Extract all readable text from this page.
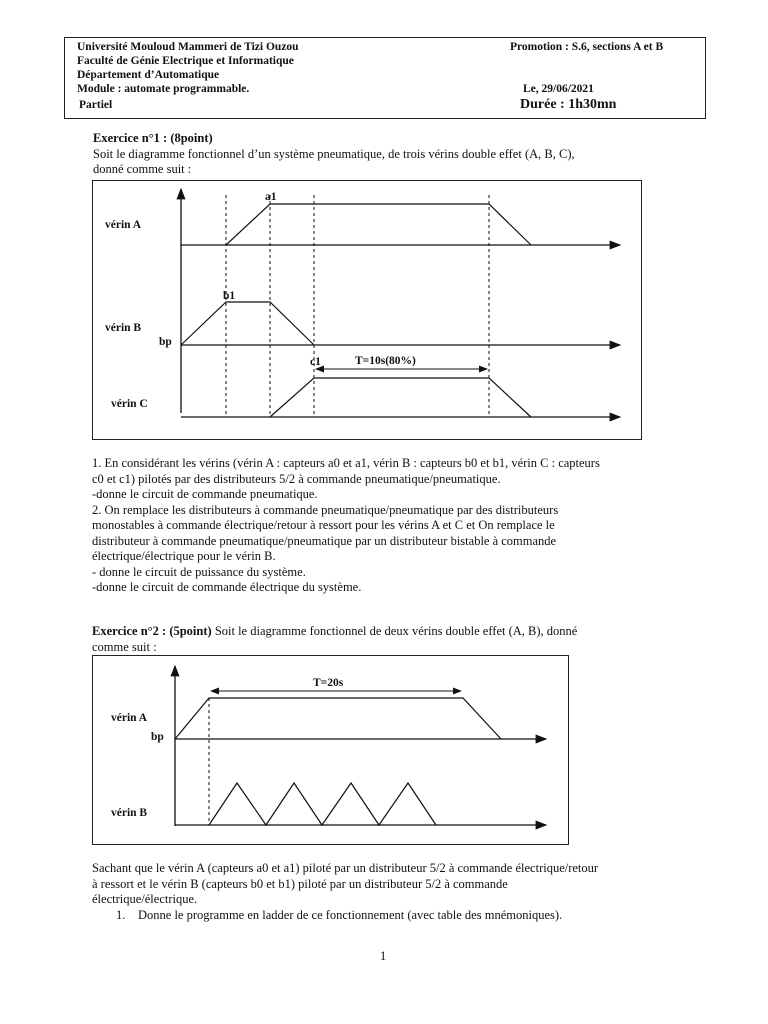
Université Mouloud Mammeri de Tizi Ouzou
Faculté de Génie Electrique et Informatique
Département d’Automatique
Module : automate programmable.
Partiel
Promotion : S.6, sections A et B
Le, 29/06/2021
Durée : 1h30mn
Exercice n°1 : (8point)
Soit le diagramme fonctionnel d’un système pneumatique, de trois vérins double effet (A, B, C),
donné comme suit :
vérin A
vérin B
bp
vérin C
a1
b1
c1	T=10s(80%)
1. En considérant les vérins (vérin A : capteurs a0 et a1, vérin B : capteurs b0 et b1, vérin C : capteurs
c0 et c1) pilotés par des distributeurs 5/2 à commande pneumatique/pneumatique.
-donne le circuit de commande pneumatique.
2. On remplace les distributeurs à commande pneumatique/pneumatique par des distributeurs
monostables à commande électrique/retour à ressort pour les vérins A et C et On remplace le
distributeur à commande pneumatique/pneumatique par un distributeur bistable à commande
électrique/électrique pour le vérin B.
- donne le circuit de puissance du système.
-donne le circuit de commande électrique du système.
Exercice n°2 : (5point) Soit le diagramme fonctionnel de deux vérins double effet (A, B), donné
comme suit :
vérin A
bp
vérin B
T=20s
Sachant que le vérin A (capteurs a0 et a1) piloté par un distributeur 5/2 à commande électrique/retour
à ressort et le vérin B (capteurs b0 et b1) piloté par un distributeur 5/2 à commande
électrique/électrique.
1. Donne le programme en ladder de ce fonctionnement (avec table des mnémoniques).
1
